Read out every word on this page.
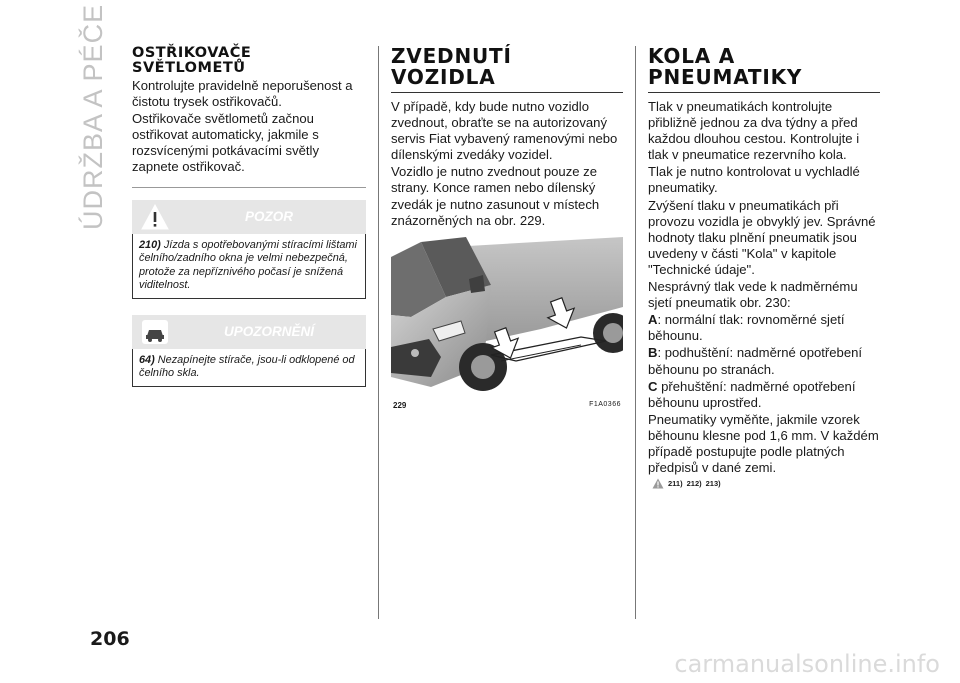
ÚDRŽBA A PÉČE OSTŘIKOVAČE SVĚTLOMETŮ

Kontrolujte pravidelně neporušenost a čistotu trysek ostřikovačů.

Ostřikovače světlometů začnou ostřikovat automaticky, jakmile s rozsvícenými potkávacími světly zapnete ostřikovač.

POZOR
210) Jízda s opotřebovanými stíracími lištami čelního/zadního okna je velmi nebezpečná, protože za nepříznivého počasí je snížená viditelnost.
UPOZORNĚNÍ
64) Nezapínejte stírače, jsou-li odklopené od čelního skla.
ZVEDNUTÍ VOZIDLA

V případě, kdy bude nutno vozidlo zvednout, obraťte se na autorizovaný servis Fiat vybavený ramenovými nebo dílenskými zvedáky vozidel.

Vozidlo je nutno zvednout pouze ze strany. Konce ramen nebo dílenský zvedák je nutno zasunout v místech znázorněných na obr. 229.

229	F1A0366
KOLA A PNEUMATIKY

Tlak v pneumatikách kontrolujte přibližně jednou za dva týdny a před každou dlouhou cestou. Kontrolujte i tlak v pneumatice rezervního kola.

Tlak je nutno kontrolovat u vychladlé pneumatiky.

Zvýšení tlaku v pneumatikách při provozu vozidla je obvyklý jev. Správné hodnoty tlaku plnění pneumatik jsou uvedeny v části "Kola" v kapitole "Technické údaje".

Nesprávný tlak vede k nadměrnému sjetí pneumatik obr. 230:

A: normální tlak: rovnoměrné sjetí běhounu.

B: podhuštění: nadměrné opotřebení běhounu po stranách.

C přehuštění: nadměrné opotřebení běhounu uprostřed.

Pneumatiky vyměňte, jakmile vzorek běhounu klesne pod 1,6 mm. V každém případě postupujte podle platných předpisů v dané zemi.

211) 212) 213)
206
carmanualsonline.info
